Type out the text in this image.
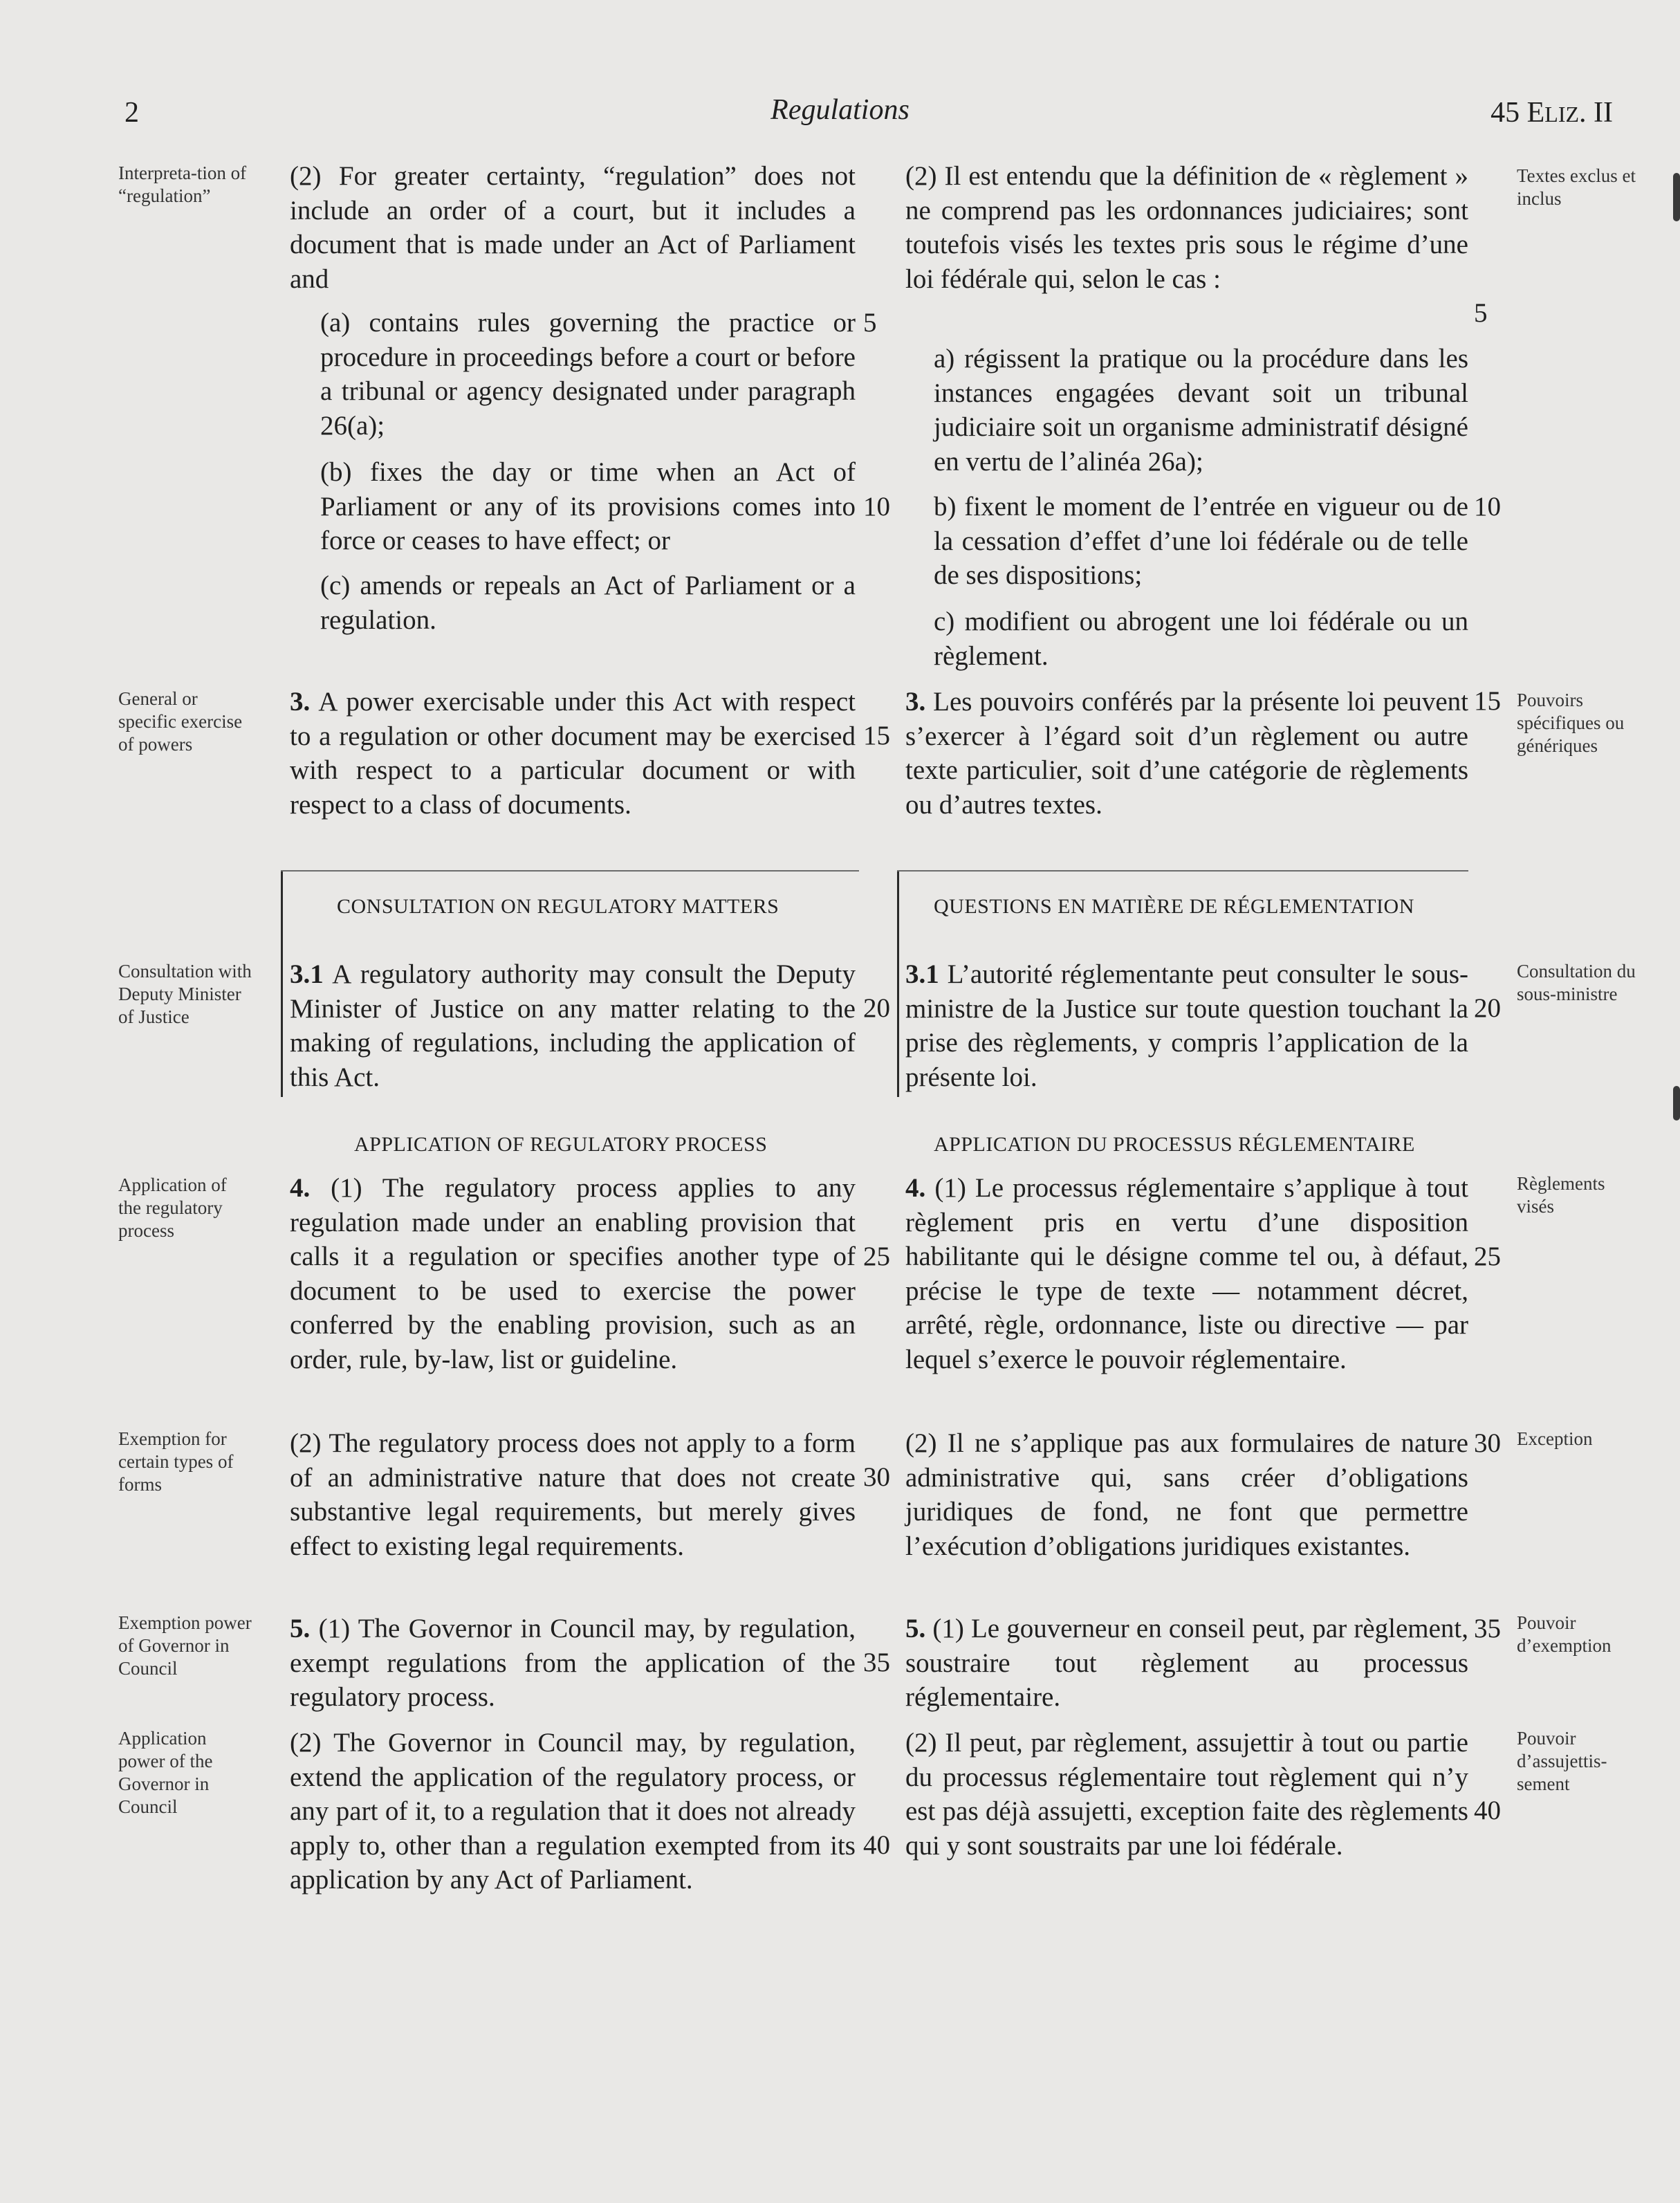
2	Regulations	45 ELIZ. II
Interpreta-tion of “regulation”
General or specific exercise of powers
Consultation with Deputy Minister of Justice
Application of the regulatory process
Exemption for certain types of forms
Exemption power of Governor in Council
Application power of the Governor in Council
Textes exclus et inclus
Pouvoirs spécifiques ou génériques
Consultation du sous-ministre
Règlements visés
Exception
Pouvoir d’exemption
Pouvoir d’assujettis-sement
(2) For greater certainty, “regulation” does not include an order of a court, but it includes a document that is made under an Act of Parliament and
(a) contains rules governing the practice or procedure in proceedings before a court or before a tribunal or agency designated under paragraph 26(a);
(b) fixes the day or time when an Act of Parliament or any of its provisions comes into force or ceases to have effect; or
(c) amends or repeals an Act of Parliament or a regulation.
3. A power exercisable under this Act with respect to a regulation or other document may be exercised with respect to a particular document or with respect to a class of documents.
CONSULTATION ON REGULATORY MATTERS
3.1 A regulatory authority may consult the Deputy Minister of Justice on any matter relating to the making of regulations, including the application of this Act.
APPLICATION OF REGULATORY PROCESS
4. (1) The regulatory process applies to any regulation made under an enabling provision that calls it a regulation or specifies another type of document to be used to exercise the power conferred by the enabling provision, such as an order, rule, by-law, list or guideline.
(2) The regulatory process does not apply to a form of an administrative nature that does not create substantive legal requirements, but merely gives effect to existing legal requirements.
5. (1) The Governor in Council may, by regulation, exempt regulations from the application of the regulatory process.
(2) The Governor in Council may, by regulation, extend the application of the regulatory process, or any part of it, to a regulation that it does not already apply to, other than a regulation exempted from its application by any Act of Parliament.
(2) Il est entendu que la définition de « règlement » ne comprend pas les ordonnances judiciaires; sont toutefois visés les textes pris sous le régime d’une loi fédérale qui, selon le cas :
a) régissent la pratique ou la procédure dans les instances engagées devant soit un tribunal judiciaire soit un organisme administratif désigné en vertu de l’alinéa 26a);
b) fixent le moment de l’entrée en vigueur ou de la cessation d’effet d’une loi fédérale ou de telle de ses dispositions;
c) modifient ou abrogent une loi fédérale ou un règlement.
3. Les pouvoirs conférés par la présente loi peuvent s’exercer à l’égard soit d’un règlement ou autre texte particulier, soit d’une catégorie de règlements ou d’autres textes.
QUESTIONS EN MATIÈRE DE RÉGLEMENTATION
3.1 L’autorité réglementante peut consulter le sous-ministre de la Justice sur toute question touchant la prise des règlements, y compris l’application de la présente loi.
APPLICATION DU PROCESSUS RÉGLEMENTAIRE
4. (1) Le processus réglementaire s’applique à tout règlement pris en vertu d’une disposition habilitante qui le désigne comme tel ou, à défaut, précise le type de texte — notamment décret, arrêté, règle, ordonnance, liste ou directive — par lequel s’exerce le pouvoir réglementaire.
(2) Il ne s’applique pas aux formulaires de nature administrative qui, sans créer d’obligations juridiques de fond, ne font que permettre l’exécution d’obligations juridiques existantes.
5. (1) Le gouverneur en conseil peut, par règlement, soustraire tout règlement au processus réglementaire.
(2) Il peut, par règlement, assujettir à tout ou partie du processus réglementaire tout règlement qui n’y est pas déjà assujetti, exception faite des règlements qui y sont soustraits par une loi fédérale.
5
10
15
20
25
30
35
40
5
10
15
20
25
30
35
40
